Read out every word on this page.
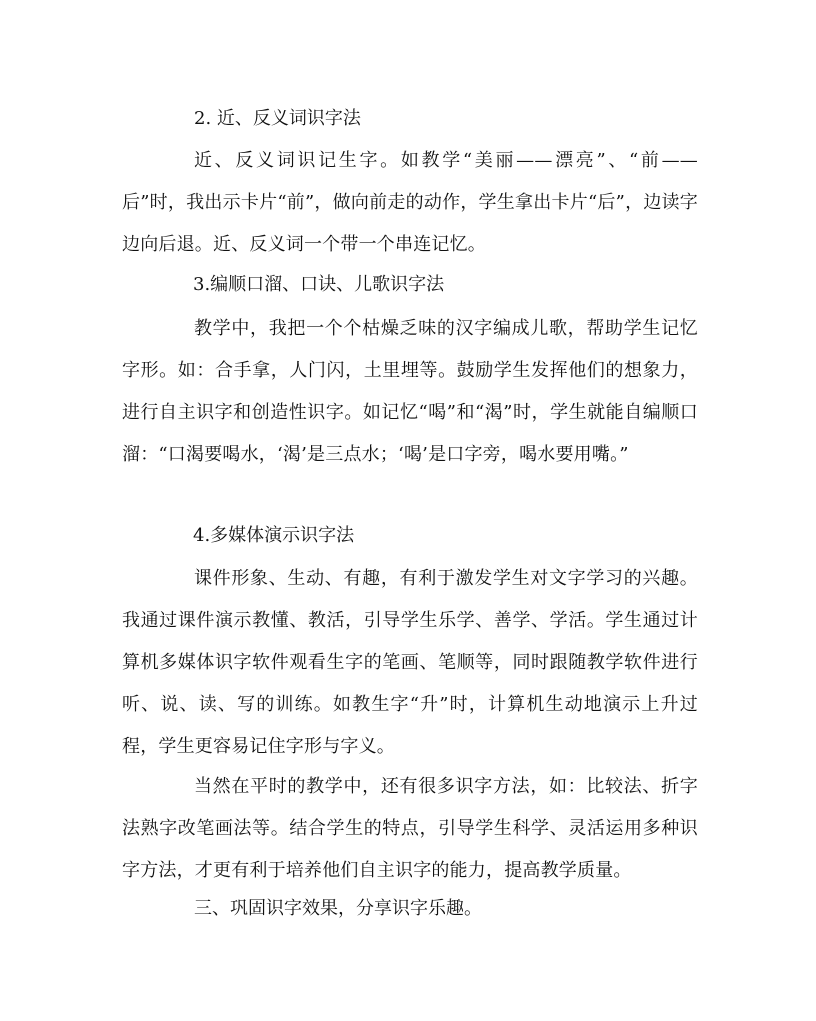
2. 近、反义词识字法

近、反义词识记生字。如教学“美丽——漂亮”、“前——后”时，我出示卡片“前”，做向前走的动作，学生拿出卡片“后”，边读字边向后退。近、反义词一个带一个串连记忆。

3.编顺口溜、口诀、儿歌识字法

教学中，我把一个个枯燥乏味的汉字编成儿歌，帮助学生记忆字形。如：合手拿，人门闪，土里埋等。鼓励学生发挥他们的想象力，进行自主识字和创造性识字。如记忆“喝”和“渴”时，学生就能自编顺口溜：“口渴要喝水，‘渴’是三点水；‘喝’是口字旁，喝水要用嘴。”

4.多媒体演示识字法

课件形象、生动、有趣，有利于激发学生对文字学习的兴趣。我通过课件演示教懂、教活，引导学生乐学、善学、学活。学生通过计算机多媒体识字软件观看生字的笔画、笔顺等，同时跟随教学软件进行听、说、读、写的训练。如教生字“升”时，计算机生动地演示上升过程，学生更容易记住字形与字义。

当然在平时的教学中，还有很多识字方法，如：比较法、折字法熟字改笔画法等。结合学生的特点，引导学生科学、灵活运用多种识字方法，才更有利于培养他们自主识字的能力，提高教学质量。

三、巩固识字效果，分享识字乐趣。
